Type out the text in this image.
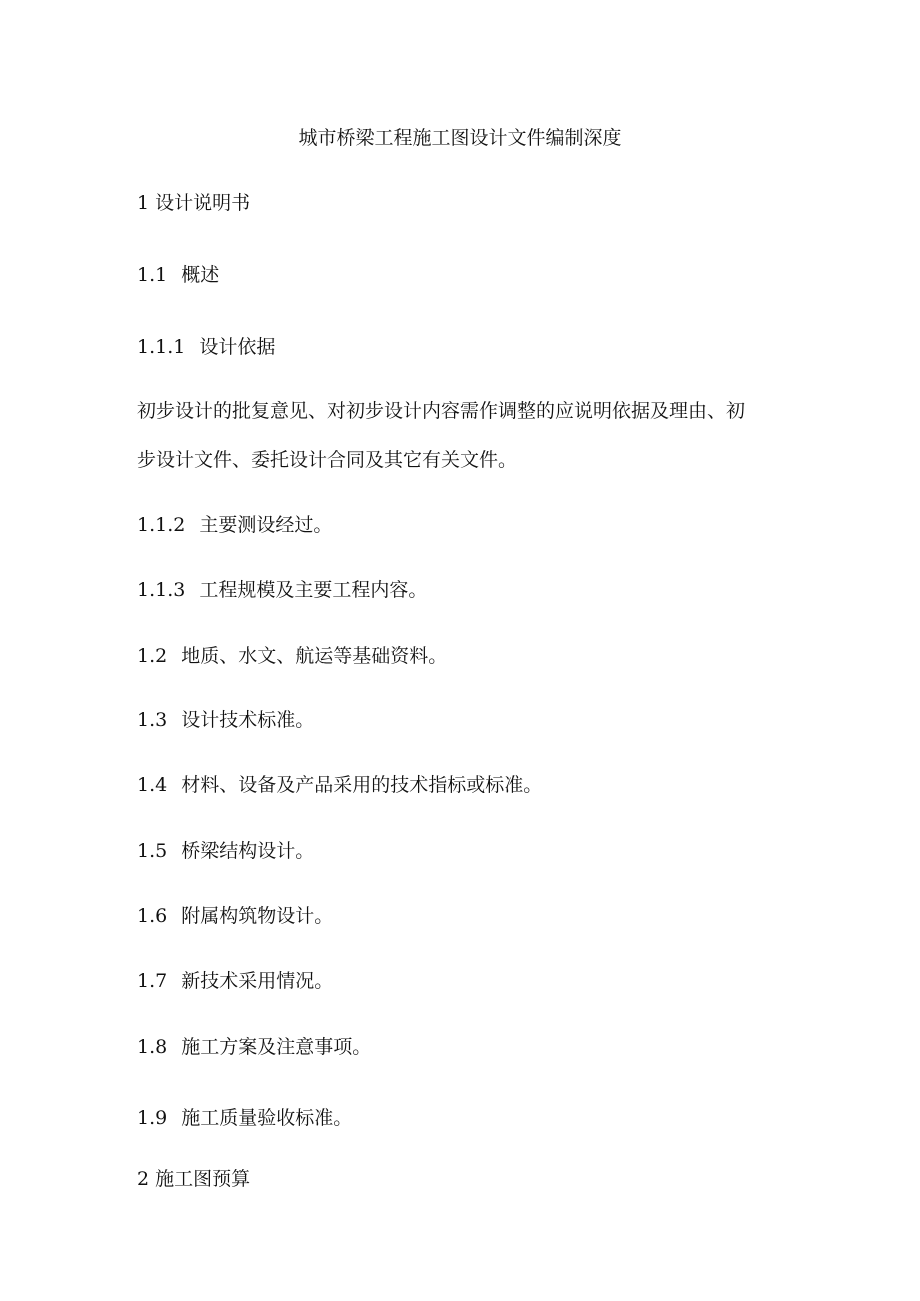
城市桥梁工程施工图设计文件编制深度
1 设计说明书
1.1 概述
1.1.1 设计依据
初步设计的批复意见、对初步设计内容需作调整的应说明依据及理由、初
步设计文件、委托设计合同及其它有关文件。
1.1.2 主要测设经过。
1.1.3 工程规模及主要工程内容。
1.2 地质、水文、航运等基础资料。
1.3 设计技术标准。
1.4 材料、设备及产品采用的技术指标或标准。
1.5 桥梁结构设计。
1.6 附属构筑物设计。
1.7 新技术采用情况。
1.8 施工方案及注意事项。
1.9 施工质量验收标准。
2 施工图预算
